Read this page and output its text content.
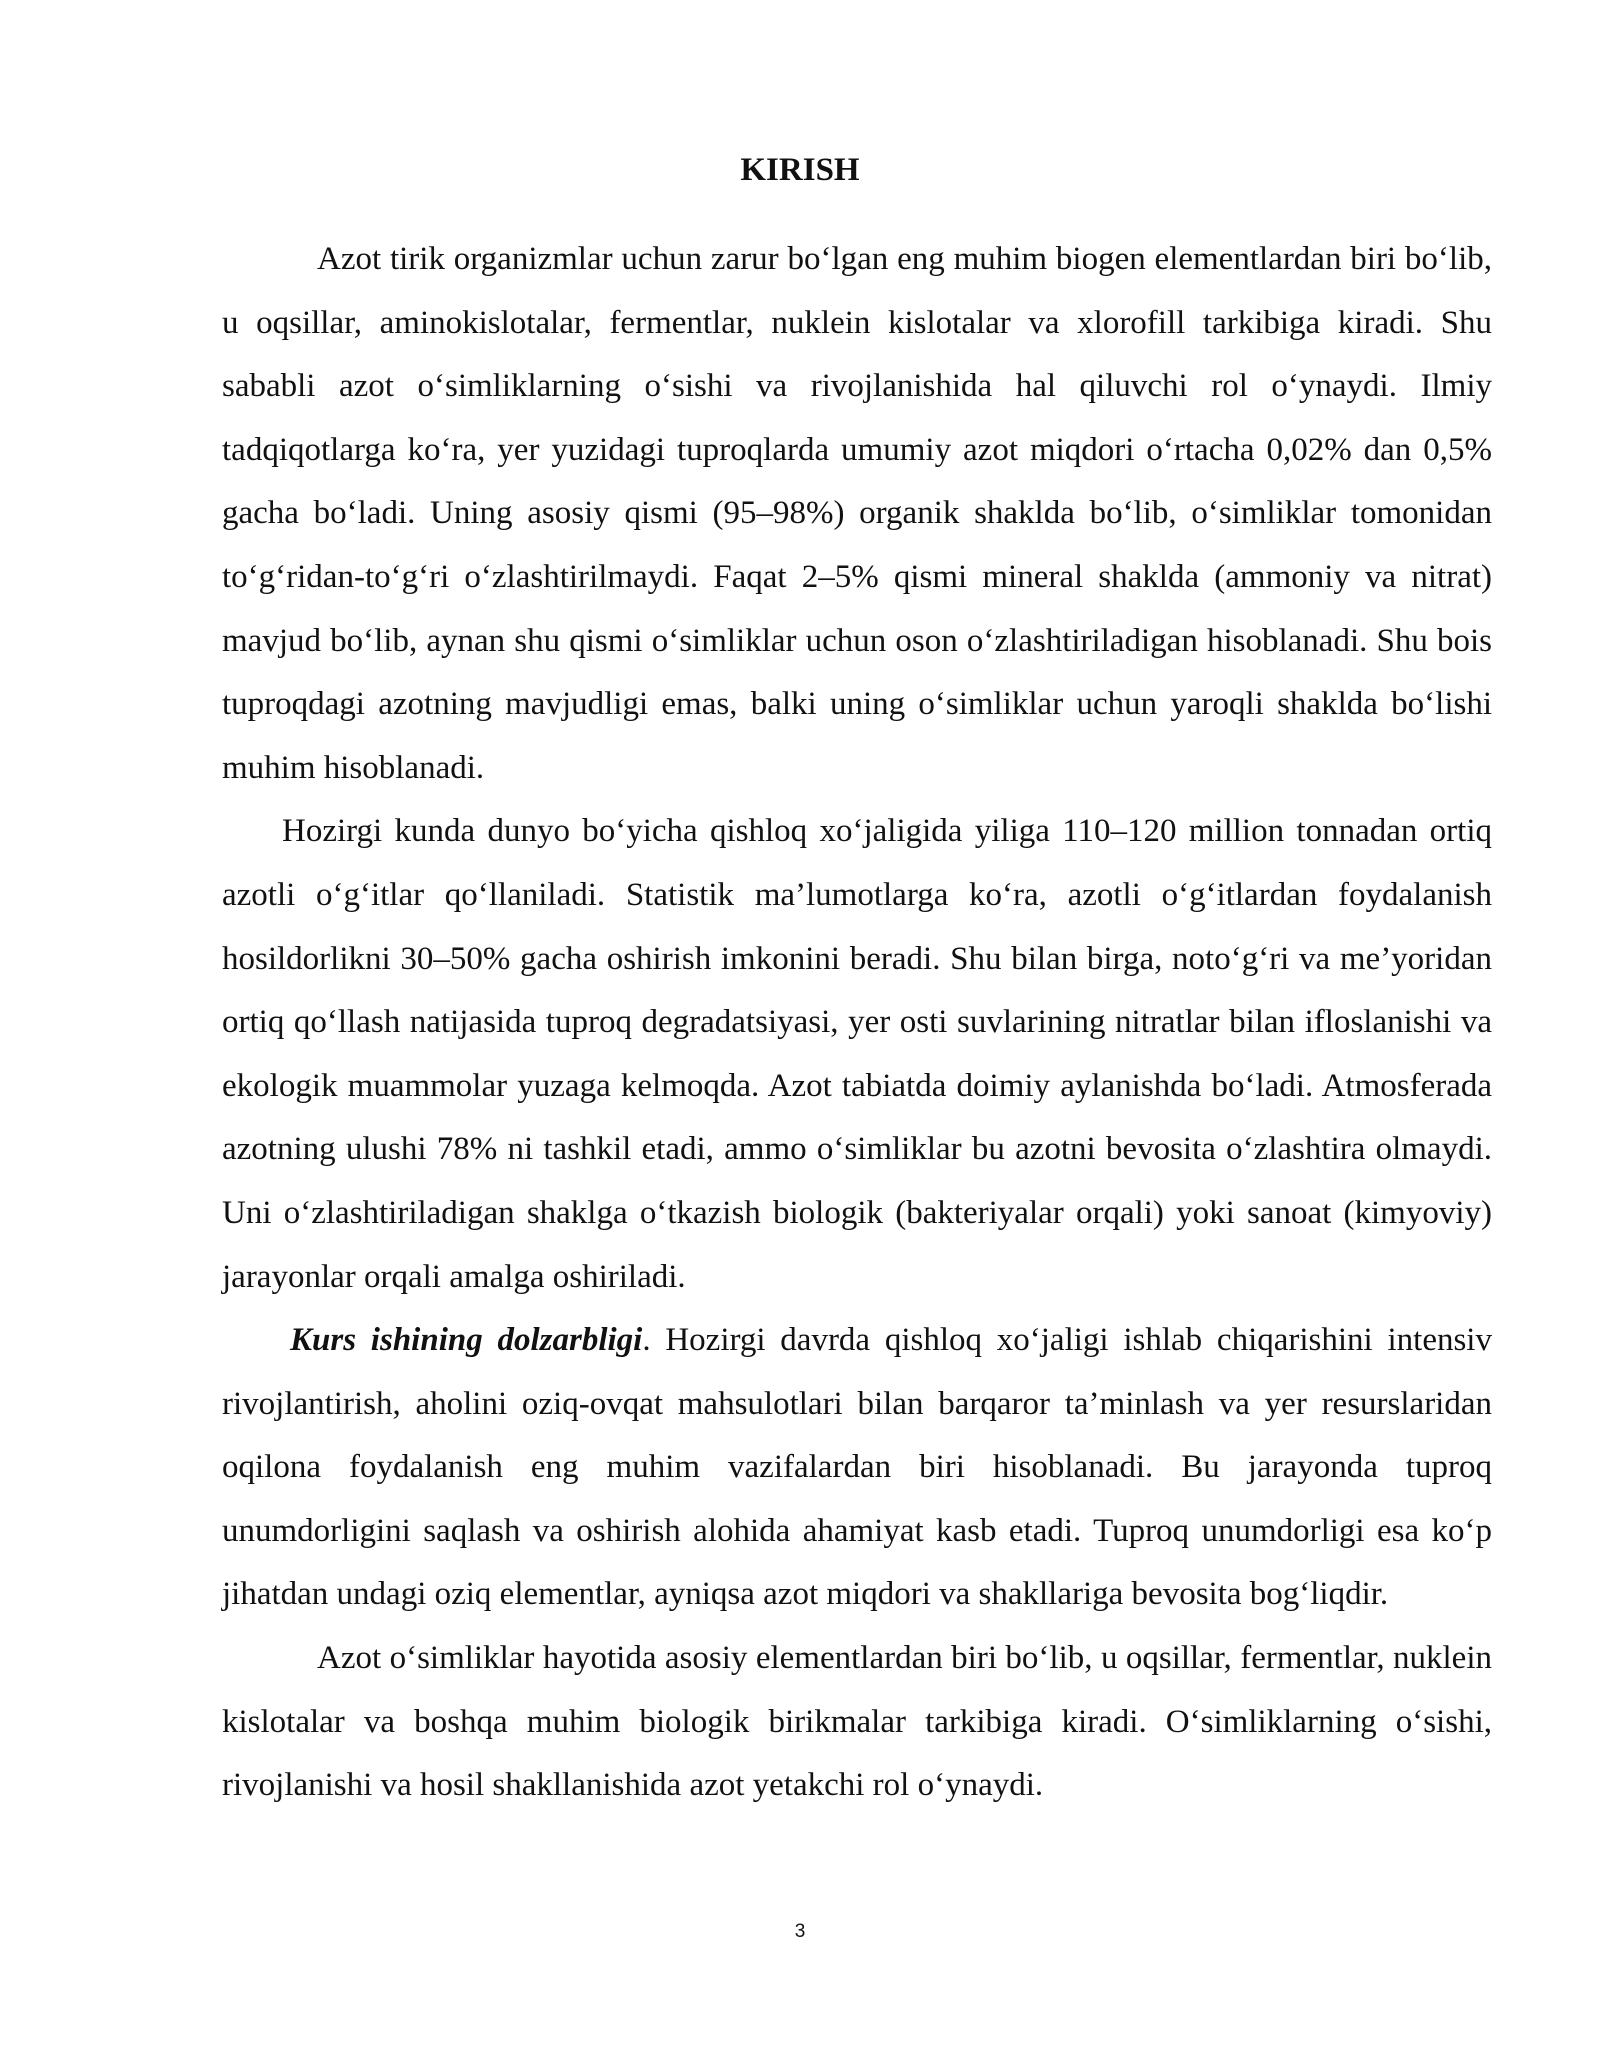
KIRISH

Azot tirik organizmlar uchun zarur bo‘lgan eng muhim biogen elementlardan biri bo‘lib, u oqsillar, aminokislotalar, fermentlar, nuklein kislotalar va xlorofill tarkibiga kiradi. Shu sababli azot o‘simliklarning o‘sishi va rivojlanishida hal qiluvchi rol o‘ynaydi. Ilmiy tadqiqotlarga ko‘ra, yer yuzidagi tuproqlarda umumiy azot miqdori o‘rtacha 0,02% dan 0,5% gacha bo‘ladi. Uning asosiy qismi (95–98%) organik shaklda bo‘lib, o‘simliklar tomonidan to‘g‘ridan-to‘g‘ri o‘zlashtirilmaydi. Faqat 2–5% qismi mineral shaklda (ammoniy va nitrat) mavjud bo‘lib, aynan shu qismi o‘simliklar uchun oson o‘zlashtiriladigan hisoblanadi. Shu bois tuproqdagi azotning mavjudligi emas, balki uning o‘simliklar uchun yaroqli shaklda bo‘lishi muhim hisoblanadi.

Hozirgi kunda dunyo bo‘yicha qishloq xo‘jaligida yiliga 110–120 million tonnadan ortiq azotli o‘g‘itlar qo‘llaniladi. Statistik ma’lumotlarga ko‘ra, azotli o‘g‘itlardan foydalanish hosildorlikni 30–50% gacha oshirish imkonini beradi. Shu bilan birga, noto‘g‘ri va me’yoridan ortiq qo‘llash natijasida tuproq degradatsiyasi, yer osti suvlarining nitratlar bilan ifloslanishi va ekologik muammolar yuzaga kelmoqda. Azot tabiatda doimiy aylanishda bo‘ladi. Atmosferada azotning ulushi 78% ni tashkil etadi, ammo o‘simliklar bu azotni bevosita o‘zlashtira olmaydi. Uni o‘zlashtiriladigan shaklga o‘tkazish biologik (bakteriyalar orqali) yoki sanoat (kimyoviy) jarayonlar orqali amalga oshiriladi.

Kurs ishining dolzarbligi. Hozirgi davrda qishloq xo‘jaligi ishlab chiqarishini intensiv rivojlantirish, aholini oziq-ovqat mahsulotlari bilan barqaror ta’minlash va yer resurslaridan oqilona foydalanish eng muhim vazifalardan biri hisoblanadi. Bu jarayonda tuproq unumdorligini saqlash va oshirish alohida ahamiyat kasb etadi. Tuproq unumdorligi esa ko‘p jihatdan undagi oziq elementlar, ayniqsa azot miqdori va shakllariga bevosita bog‘liqdir.

Azot o‘simliklar hayotida asosiy elementlardan biri bo‘lib, u oqsillar, fermentlar, nuklein kislotalar va boshqa muhim biologik birikmalar tarkibiga kiradi. O‘simliklarning o‘sishi, rivojlanishi va hosil shakllanishida azot yetakchi rol o‘ynaydi.

3
